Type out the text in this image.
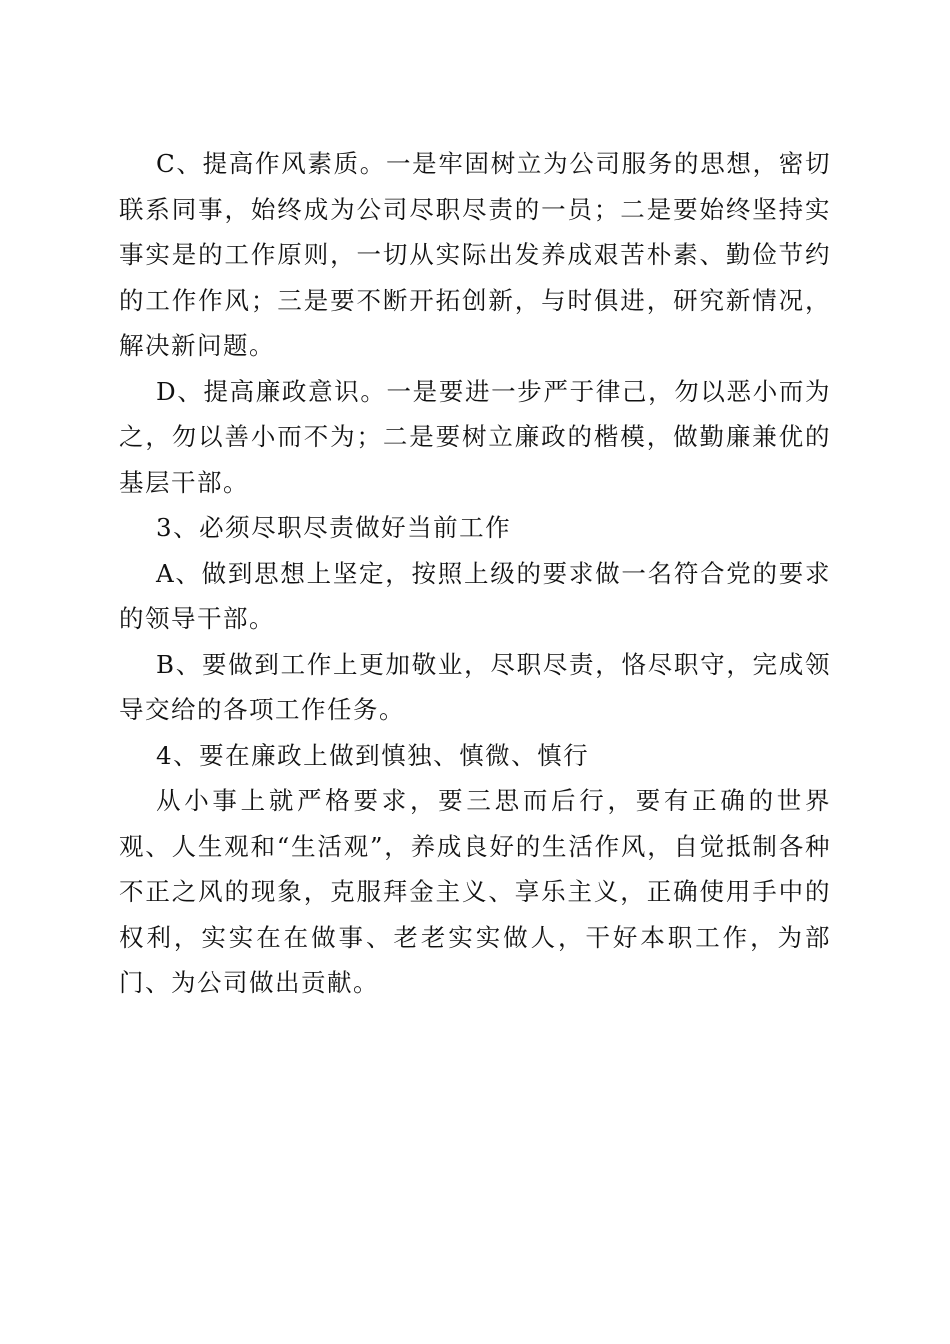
C、提高作风素质。一是牢固树立为公司服务的思想，密切联系同事，始终成为公司尽职尽责的一员；二是要始终坚持实事实是的工作原则，一切从实际出发养成艰苦朴素、勤俭节约的工作作风；三是要不断开拓创新，与时俱进，研究新情况，解决新问题。

D、提高廉政意识。一是要进一步严于律己，勿以恶小而为之，勿以善小而不为；二是要树立廉政的楷模，做勤廉兼优的基层干部。

3、必须尽职尽责做好当前工作

A、做到思想上坚定，按照上级的要求做一名符合党的要求的领导干部。

B、要做到工作上更加敬业，尽职尽责，恪尽职守，完成领导交给的各项工作任务。

4、要在廉政上做到慎独、慎微、慎行

从小事上就严格要求，要三思而后行，要有正确的世界观、人生观和“生活观”，养成良好的生活作风，自觉抵制各种不正之风的现象，克服拜金主义、享乐主义，正确使用手中的权利，实实在在做事、老老实实做人，干好本职工作，为部门、为公司做出贡献。
